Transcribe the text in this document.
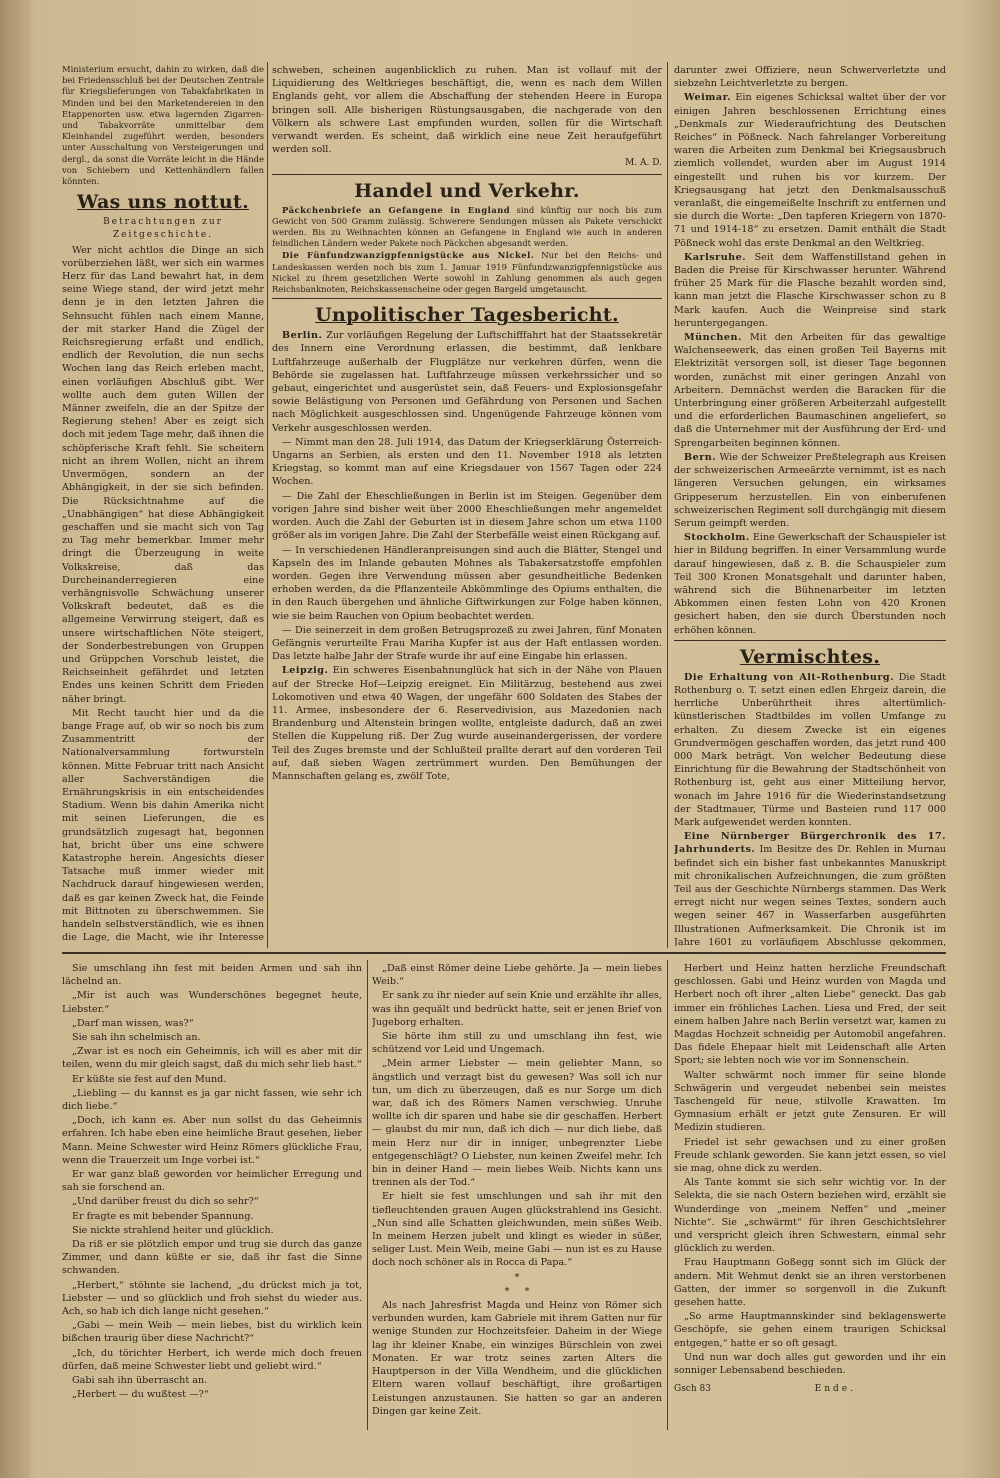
Ministerium ersucht, dahin zu wirken, daß die bei Friedensschluß bei der Deutschen Zentrale für Kriegslieferungen von Tabakfabrikaten in Minden und bei den Marketendereien in den Etappenorten usw. etwa lagernden Zigarren- und Tabakvorräte unmittelbar dem Kleinhandel zugeführt werden, besonders unter Ausschaltung von Versteigerungen und dergl., da sonst die Vorräte leicht in die Hände von Schiebern und Kettenhändlern fallen könnten.

Was uns nottut.
Betrachtungen zur Zeitgeschichte.

Wer nicht achtlos die Dinge an sich vorüberziehen läßt, wer sich ein warmes Herz für das Land bewahrt hat, in dem seine Wiege stand, der wird jetzt mehr denn je in den letzten Jahren die Sehnsucht fühlen nach einem Manne, der mit starker Hand die Zügel der Reichsregierung erfaßt und endlich, endlich der Revolution, die nun sechs Wochen lang das Reich erleben macht, einen vorläufigen Abschluß gibt. Wer wollte auch dem guten Willen der Männer zweifeln, die an der Spitze der Regierung stehen! Aber es zeigt sich doch mit jedem Tage mehr, daß ihnen die schöpferische Kraft fehlt. Sie scheitern nicht an ihrem Wollen, nicht an ihrem Unvermögen, sondern an der Abhängigkeit, in der sie sich befinden. Die Rücksichtnahme auf die „Unabhängigen“ hat diese Abhängigkeit geschaffen und sie macht sich von Tag zu Tag mehr bemerkbar. Immer mehr dringt die Überzeugung in weite Volkskreise, daß das Durcheinanderregieren eine verhängnisvolle Schwächung unserer Volkskraft bedeutet, daß es die allgemeine Verwirrung steigert, daß es unsere wirtschaftlichen Nöte steigert, der Sonderbestrebungen von Gruppen und Grüppchen Vorschub leistet, die Reichseinheit gefährdet und letzten Endes uns keinen Schritt dem Frieden näher bringt.

Mit Recht taucht hier und da die bange Frage auf, ob wir so noch bis zum Zusammentritt der Nationalversammlung fortwursteln können. Mitte Februar tritt nach Ansicht aller Sachverständigen die Ernährungskrisis in ein entscheidendes Stadium. Wenn bis dahin Amerika nicht mit seinen Lieferungen, die es grundsätzlich zugesagt hat, begonnen hat, bricht über uns eine schwere Katastrophe herein. Angesichts dieser Tatsache muß immer wieder mit Nachdruck darauf hingewiesen werden, daß es gar keinen Zweck hat, die Feinde mit Bittnoten zu überschwemmen. Sie handeln selbstverständlich, wie es ihnen die Lage, die Macht, wie ihr Interesse

schweben, scheinen augenblicklich zu ruhen. Man ist vollauf mit der Liquidierung des Weltkrieges beschäftigt, die, wenn es nach dem Willen Englands geht, vor allem die Abschaffung der stehenden Heere in Europa bringen soll. Alle bisherigen Rüstungsausgaben, die nachgerade von den Völkern als schwere Last empfunden wurden, sollen für die Wirtschaft verwandt werden. Es scheint, daß wirklich eine neue Zeit heraufgeführt werden soll.

M. A. D.
Handel und Verkehr.

Päckchenbriefe an Gefangene in England sind künftig nur noch bis zum Gewicht von 500 Gramm zulässig. Schwerere Sendungen müssen als Pakete verschickt werden. Bis zu Weihnachten können an Gefangene in England wie auch in anderen feindlichen Ländern weder Pakete noch Päckchen abgesandt werden.

Die Fünfundzwanzigpfennigstücke aus Nickel. Nur bei den Reichs- und Landeskassen werden noch bis zum 1. Januar 1919 Fünfundzwanzigpfennigstücke aus Nickel zu ihrem gesetzlichen Werte sowohl in Zahlung genommen als auch gegen Reichsbanknoten, Reichskassenscheine oder gegen Bargeld umgetauscht.

Unpolitischer Tagesbericht.

Berlin. Zur vorläufigen Regelung der Luftschifffahrt hat der Staatssekretär des Innern eine Verordnung erlassen, die bestimmt, daß lenkbare Luftfahrzeuge außerhalb der Flugplätze nur verkehren dürfen, wenn die Behörde sie zugelassen hat. Luftfahrzeuge müssen verkehrssicher und so gebaut, eingerichtet und ausgerüstet sein, daß Feuers- und Explosionsgefahr sowie Belästigung von Personen und Gefährdung von Personen und Sachen nach Möglichkeit ausgeschlossen sind. Ungenügende Fahrzeuge können vom Verkehr ausgeschlossen werden.

— Nimmt man den 28. Juli 1914, das Datum der Kriegserklärung Österreich-Ungarns an Serbien, als ersten und den 11. November 1918 als letzten Kriegstag, so kommt man auf eine Kriegsdauer von 1567 Tagen oder 224 Wochen.

— Die Zahl der Eheschließungen in Berlin ist im Steigen. Gegenüber dem vorigen Jahre sind bisher weit über 2000 Eheschließungen mehr angemeldet worden. Auch die Zahl der Geburten ist in diesem Jahre schon um etwa 1100 größer als im vorigen Jahre. Die Zahl der Sterbefälle weist einen Rückgang auf.

— In verschiedenen Händleranpreisungen sind auch die Blätter, Stengel und Kapseln des im Inlande gebauten Mohnes als Tabakersatzstoffe empfohlen worden. Gegen ihre Verwendung müssen aber gesundheitliche Bedenken erhoben werden, da die Pflanzenteile Abkömmlinge des Opiums enthalten, die in den Rauch übergehen und ähnliche Giftwirkungen zur Folge haben können, wie sie beim Rauchen von Opium beobachtet werden.

— Die seinerzeit in dem großen Betrugsprozeß zu zwei Jahren, fünf Monaten Gefängnis verurteilte Frau Mariha Kupfer ist aus der Haft entlassen worden. Das letzte halbe Jahr der Strafe wurde ihr auf eine Eingabe hin erlassen.

Leipzig. Ein schweres Eisenbahnunglück hat sich in der Nähe von Plauen auf der Strecke Hof—Leipzig ereignet. Ein Militärzug, bestehend aus zwei Lokomotiven und etwa 40 Wagen, der ungefähr 600 Soldaten des Stabes der 11. Armee, insbesondere der 6. Reservedivision, aus Mazedonien nach Brandenburg und Altenstein bringen wollte, entgleiste dadurch, daß an zwei Stellen die Kuppelung riß. Der Zug wurde auseinandergerissen, der vordere Teil des Zuges bremste und der Schlußteil prallte derart auf den vorderen Teil auf, daß sieben Wagen zertrümmert wurden. Den Bemühungen der Mannschaften gelang es, zwölf Tote,

darunter zwei Offiziere, neun Schwerverletzte und siebzehn Leichtverletzte zu bergen.

Weimar. Ein eigenes Schicksal waltet über der vor einigen Jahren beschlossenen Errichtung eines „Denkmals zur Wiederaufrichtung des Deutschen Reiches“ in Pößneck. Nach fahrelanger Vorbereitung waren die Arbeiten zum Denkmal bei Kriegsausbruch ziemlich vollendet, wurden aber im August 1914 eingestellt und ruhen bis vor kurzem. Der Kriegsausgang hat jetzt den Denkmalsausschuß veranlaßt, die eingemeißelte Inschrift zu entfernen und sie durch die Worte: „Den tapferen Kriegern von 1870-71 und 1914-18“ zu ersetzen. Damit enthält die Stadt Pößneck wohl das erste Denkmal an den Weltkrieg.

Karlsruhe. Seit dem Waffenstillstand gehen in Baden die Preise für Kirschwasser herunter. Während früher 25 Mark für die Flasche bezahlt worden sind, kann man jetzt die Flasche Kirschwasser schon zu 8 Mark kaufen. Auch die Weinpreise sind stark heruntergegangen.

München. Mit den Arbeiten für das gewaltige Walchenseewerk, das einen großen Teil Bayerns mit Elektrizität versorgen soll, ist dieser Tage begonnen worden, zunächst mit einer geringen Anzahl von Arbeitern. Demnächst werden die Baracken für die Unterbringung einer größeren Arbeiterzahl aufgestellt und die erforderlichen Baumaschinen angeliefert, so daß die Unternehmer mit der Ausführung der Erd- und Sprengarbeiten beginnen können.

Bern. Wie der Schweizer Preßtelegraph aus Kreisen der schweizerischen Armeeärzte vernimmt, ist es nach längeren Versuchen gelungen, ein wirksames Grippeserum herzustellen. Ein von einberufenen schweizerischen Regiment soll durchgängig mit diesem Serum geimpft werden.

Stockholm. Eine Gewerkschaft der Schauspieler ist hier in Bildung begriffen. In einer Versammlung wurde darauf hingewiesen, daß z. B. die Schauspieler zum Teil 300 Kronen Monatsgehalt und darunter haben, während sich die Bühnenarbeiter im letzten Abkommen einen festen Lohn von 420 Kronen gesichert haben, den sie durch Überstunden noch erhöhen können.

Vermischtes.

Die Erhaltung von Alt-Rothenburg. Die Stadt Rothenburg o. T. setzt einen edlen Ehrgeiz darein, die herrliche Unberührtheit ihres altertümlich-künstlerischen Stadtbildes im vollen Umfange zu erhalten. Zu diesem Zwecke ist ein eigenes Grundvermögen geschaffen worden, das jetzt rund 400 000 Mark beträgt. Von welcher Bedeutung diese Einrichtung für die Bewahrung der Stadtschönheit von Rothenburg ist, geht aus einer Mitteilung hervor, wonach im Jahre 1916 für die Wiederinstandsetzung der Stadtmauer, Türme und Basteien rund 117 000 Mark aufgewendet werden konnten.

Eine Nürnberger Bürgerchronik des 17. Jahrhunderts. Im Besitze des Dr. Rehlen in Murnau befindet sich ein bisher fast unbekanntes Manuskript mit chronikalischen Aufzeichnungen, die zum größten Teil aus der Geschichte Nürnbergs stammen. Das Werk erregt nicht nur wegen seines Textes, sondern auch wegen seiner 467 in Wasserfarben ausgeführten Illustrationen Aufmerksamkeit. Die Chronik ist im Jahre 1601 zu vorläufigem Abschlusse gekommen,

Sie umschlang ihn fest mit beiden Armen und sah ihn lächelnd an.

„Mir ist auch was Wunderschönes begegnet heute, Liebster.“

„Darf man wissen, was?“

Sie sah ihn schelmisch an.

„Zwar ist es noch ein Geheimnis, ich will es aber mit dir teilen, wenn du mir gleich sagst, daß du mich sehr lieb hast.“

Er küßte sie fest auf den Mund.

„Liebling — du kannst es ja gar nicht fassen, wie sehr ich dich liebe.“

„Doch, ich kann es. Aber nun sollst du das Geheimnis erfahren. Ich habe eben eine heimliche Braut gesehen, lieber Mann. Meine Schwester wird Heinz Römers glückliche Frau, wenn die Trauerzeit um Inge vorbei ist.“

Er war ganz blaß geworden vor heimlicher Erregung und sah sie forschend an.

„Und darüber freust du dich so sehr?“

Er fragte es mit bebender Spannung.

Sie nickte strahlend heiter und glücklich.

Da riß er sie plötzlich empor und trug sie durch das ganze Zimmer, und dann küßte er sie, daß ihr fast die Sinne schwanden.

„Herbert,“ stöhnte sie lachend, „du drückst mich ja tot, Liebster — und so glücklich und froh siehst du wieder aus. Ach, so hab ich dich lange nicht gesehen.“

„Gabi — mein Weib — mein liebes, bist du wirklich kein bißchen traurig über diese Nachricht?“

„Ich, du törichter Herbert, ich werde mich doch freuen dürfen, daß meine Schwester liebt und geliebt wird.“

Gabi sah ihn überrascht an.

„Herbert — du wußtest —?“

„Daß einst Römer deine Liebe gehörte. Ja — mein liebes Weib.“

Er sank zu ihr nieder auf sein Knie und erzählte ihr alles, was ihn gequält und bedrückt hatte, seit er jenen Brief von Jugeborg erhalten.

Sie hörte ihm still zu und umschlang ihn fest, wie schützend vor Leid und Ungemach.

„Mein armer Liebster — mein geliebter Mann, so ängstlich und verzagt bist du gewesen? Was soll ich nur tun, um dich zu überzeugen, daß es nur Sorge um dich war, daß ich des Römers Namen verschwieg. Unruhe wollte ich dir sparen und habe sie dir geschaffen. Herbert — glaubst du mir nun, daß ich dich — nur dich liebe, daß mein Herz nur dir in inniger, unbegrenzter Liebe entgegenschlägt? O Liebster, nun keinen Zweifel mehr. Ich bin in deiner Hand — mein liebes Weib. Nichts kann uns trennen als der Tod.“

Er hielt sie fest umschlungen und sah ihr mit den tiefleuchtenden grauen Augen glückstrahlend ins Gesicht. „Nun sind alle Schatten gleichwunden, mein süßes Weib. In meinem Herzen jubelt und klingt es wieder in süßer, seliger Lust. Mein Weib, meine Gabi — nun ist es zu Hause doch noch schöner als in Rocca di Papa.“

*

*     *

Als nach Jahresfrist Magda und Heinz von Römer sich verbunden wurden, kam Gabriele mit ihrem Gatten nur für wenige Stunden zur Hochzeitsfeier. Daheim in der Wiege lag ihr kleiner Knabe, ein winziges Bürschlein von zwei Monaten. Er war trotz seines zarten Alters die Hauptperson in der Villa Wendheim, und die glücklichen Eltern waren vollauf beschäftigt, ihre großartigen Leistungen anzustaunen. Sie hatten so gar an anderen Dingen gar keine Zeit.

Herbert und Heinz hatten herzliche Freundschaft geschlossen. Gabi und Heinz wurden von Magda und Herbert noch oft ihrer „alten Liebe“ geneckt. Das gab immer ein fröhliches Lachen. Liesa und Fred, der seit einem halben Jahre nach Berlin versetzt war, kamen zu Magdas Hochzeit schneidig per Automobil angefahren. Das fidele Ehepaar hielt mit Leidenschaft alle Arten Sport; sie lebten noch wie vor im Sonnenschein.

Walter schwärmt noch immer für seine blonde Schwägerin und vergeudet nebenbei sein meistes Taschengeld für neue, stilvolle Krawatten. Im Gymnasium erhält er jetzt gute Zensuren. Er will Medizin studieren.

Friedel ist sehr gewachsen und zu einer großen Freude schlank geworden. Sie kann jetzt essen, so viel sie mag, ohne dick zu werden.

Als Tante kommt sie sich sehr wichtig vor. In der Selekta, die sie nach Ostern beziehen wird, erzählt sie Wunderdinge von „meinem Neffen“ und „meiner Nichte“. Sie „schwärmt“ für ihren Geschichtslehrer und verspricht gleich ihren Schwestern, einmal sehr glücklich zu werden.

Frau Hauptmann Goßegg sonnt sich im Glück der andern. Mit Wehmut denkt sie an ihren verstorbenen Gatten, der immer so sorgenvoll in die Zukunft gesehen hatte.

„So arme Hauptmannskinder sind beklagenswerte Geschöpfe, sie gehen einem traurigen Schicksal entgegen,“ hatte er so oft gesagt.

Und nun war doch alles gut geworden und ihr ein sonniger Lebensabend beschieden.

Gsch 83	Ende.
